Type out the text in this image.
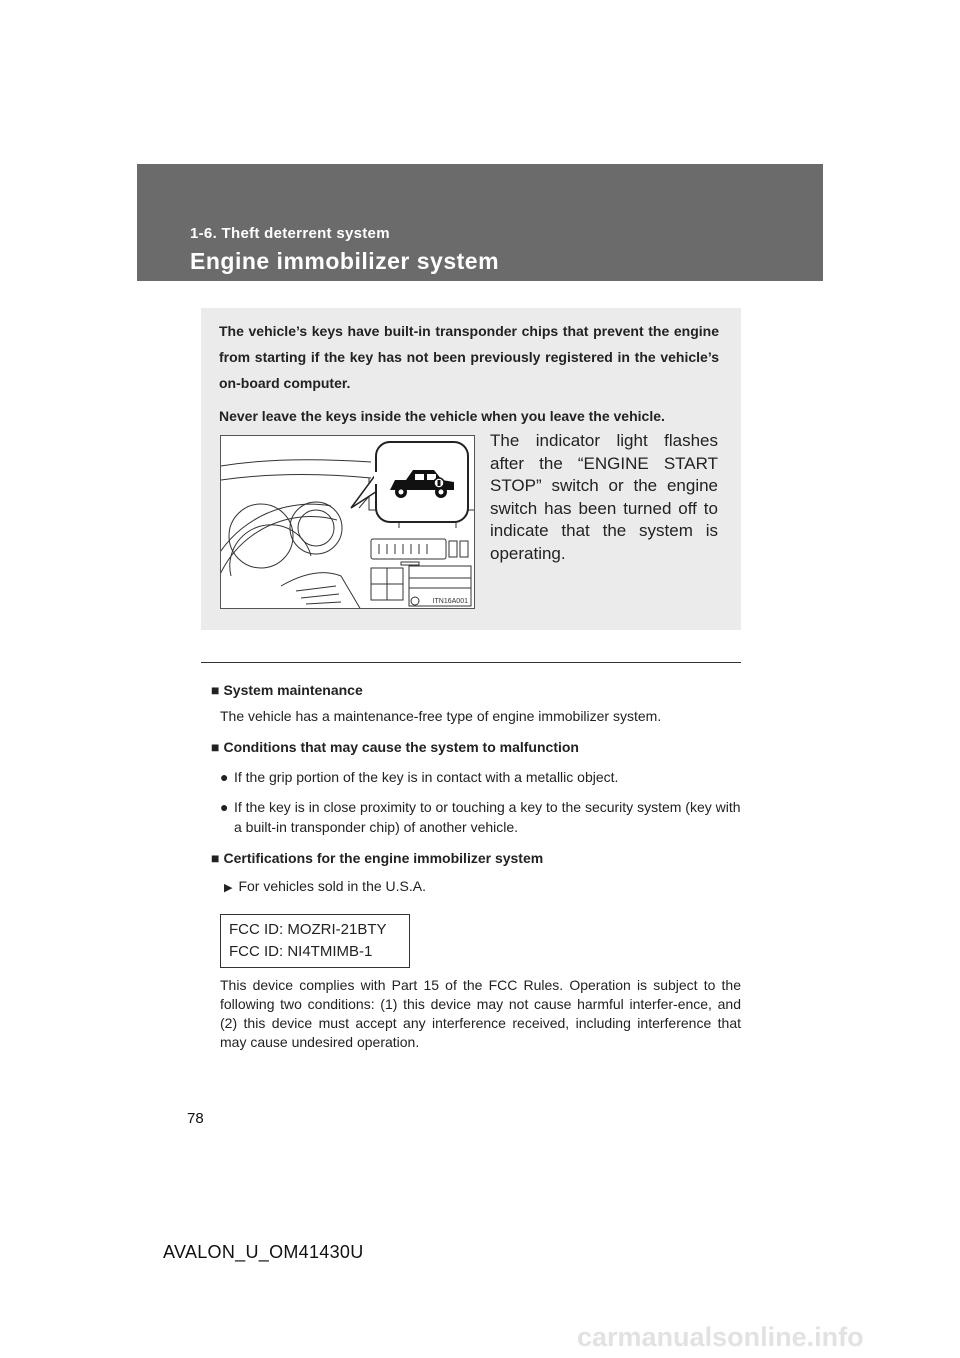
1-6. Theft deterrent system
Engine immobilizer system

The vehicle’s keys have built-in transponder chips that prevent the engine from starting if the key has not been previously registered in the vehicle’s on-board computer.

Never leave the keys inside the vehicle when you leave the vehicle.

ITN16A001
The indicator light flashes after the “ENGINE START STOP” switch or the engine switch has been turned off to indicate that the system is operating.

■ System maintenance

The vehicle has a maintenance-free type of engine immobilizer system.

■ Conditions that may cause the system to malfunction

● If the grip portion of the key is in contact with a metallic object.
● If the key is in close proximity to or touching a key to the security system (key with a built-in transponder chip) of another vehicle.

■ Certifications for the engine immobilizer system

▶ For vehicles sold in the U.S.A.
FCC ID: MOZRI-21BTY
FCC ID: NI4TMIMB-1
This device complies with Part 15 of the FCC Rules. Operation is subject to the following two conditions: (1) this device may not cause harmful interfer-ence, and (2) this device must accept any interference received, including interference that may cause undesired operation.
78
AVALON_U_OM41430U
carmanualsonline.info
